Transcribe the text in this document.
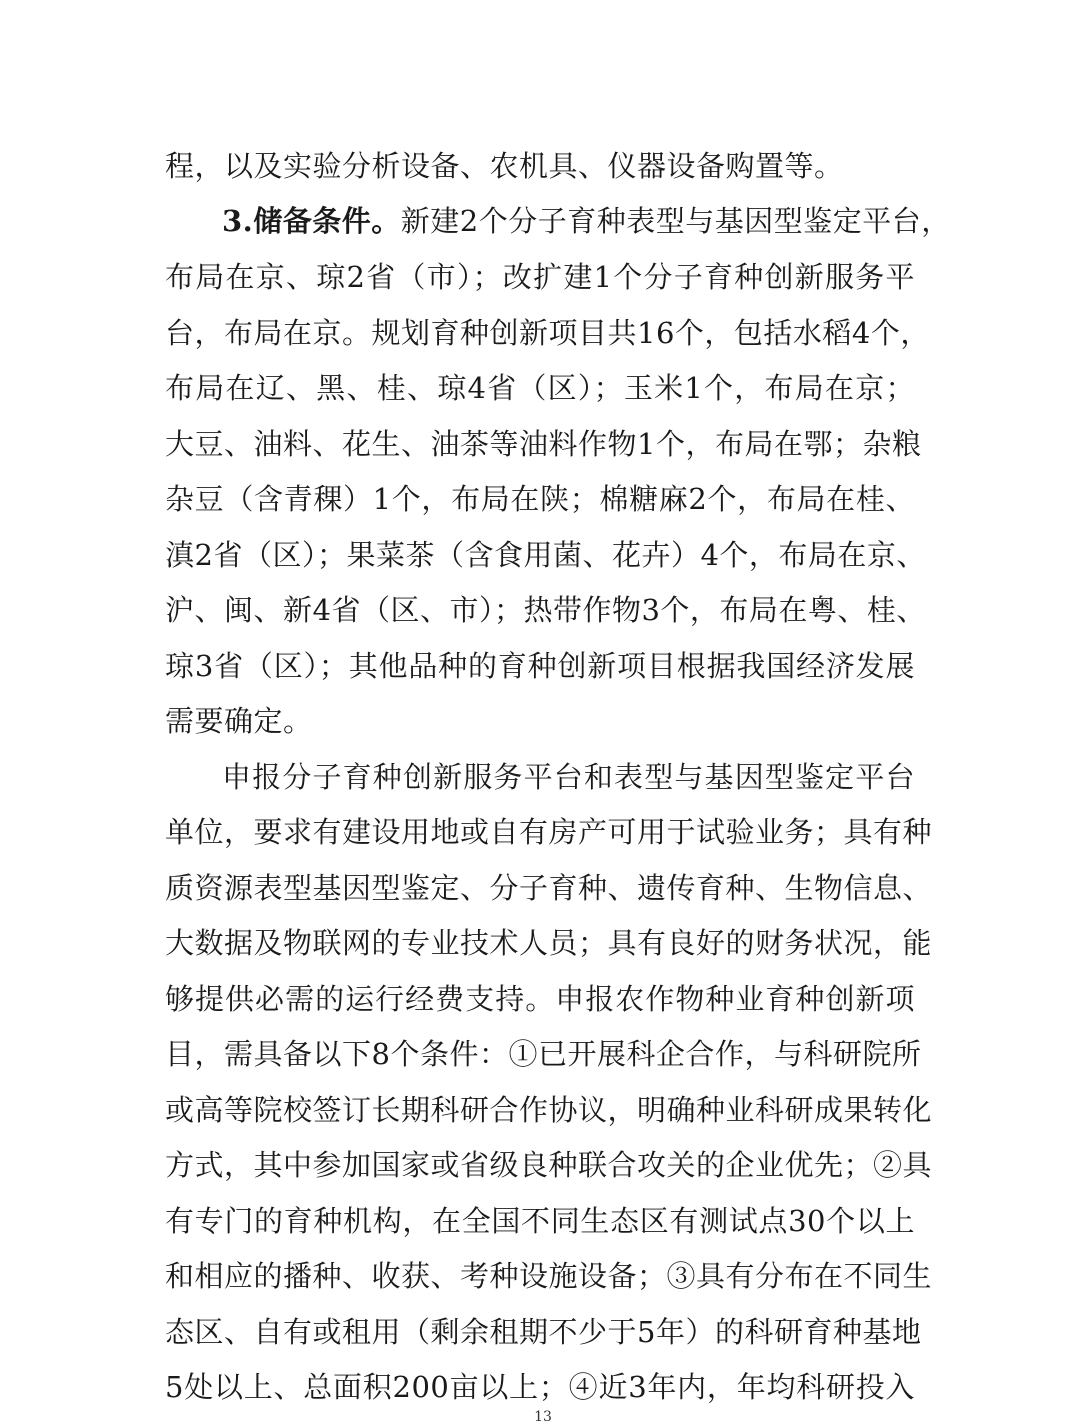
程，以及实验分析设备、农机具、仪器设备购置等。
3.储备条件。新建2个分子育种表型与基因型鉴定平台，
布局在京、琼2省（市）；改扩建1个分子育种创新服务平
台，布局在京。规划育种创新项目共16个，包括水稻4个，
布局在辽、黑、桂、琼4省（区）；玉米1个，布局在京；
大豆、油料、花生、油茶等油料作物1个，布局在鄂；杂粮
杂豆（含青稞）1个，布局在陕；棉糖麻2个，布局在桂、
滇2省（区）；果菜茶（含食用菌、花卉）4个，布局在京、
沪、闽、新4省（区、市）；热带作物3个，布局在粤、桂、
琼3省（区）；其他品种的育种创新项目根据我国经济发展
需要确定。
申报分子育种创新服务平台和表型与基因型鉴定平台
单位，要求有建设用地或自有房产可用于试验业务；具有种
质资源表型基因型鉴定、分子育种、遗传育种、生物信息、
大数据及物联网的专业技术人员；具有良好的财务状况，能
够提供必需的运行经费支持。申报农作物种业育种创新项
目，需具备以下8个条件：①已开展科企合作，与科研院所
或高等院校签订长期科研合作协议，明确种业科研成果转化
方式，其中参加国家或省级良种联合攻关的企业优先；②具
有专门的育种机构，在全国不同生态区有测试点30个以上
和相应的播种、收获、考种设施设备；③具有分布在不同生
态区、自有或租用（剩余租期不少于5年）的科研育种基地
5处以上、总面积200亩以上；④近3年内，年均科研投入
13
